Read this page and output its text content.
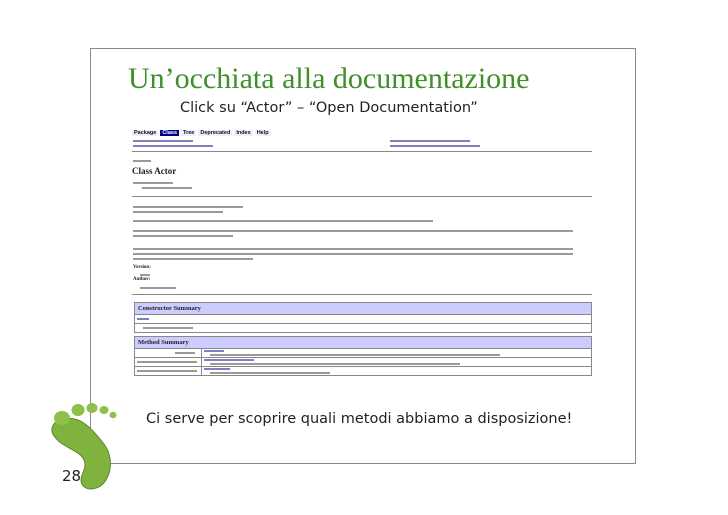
Un’occhiata alla documentazione
Click su “Actor” – “Open Documentation”
Package	Class	Tree	Deprecated	Index	Help
Class Actor
Version:
Author:
Constructor Summary
Method Summary
Ci serve per scoprire quali metodi abbiamo a disposizione!
28
